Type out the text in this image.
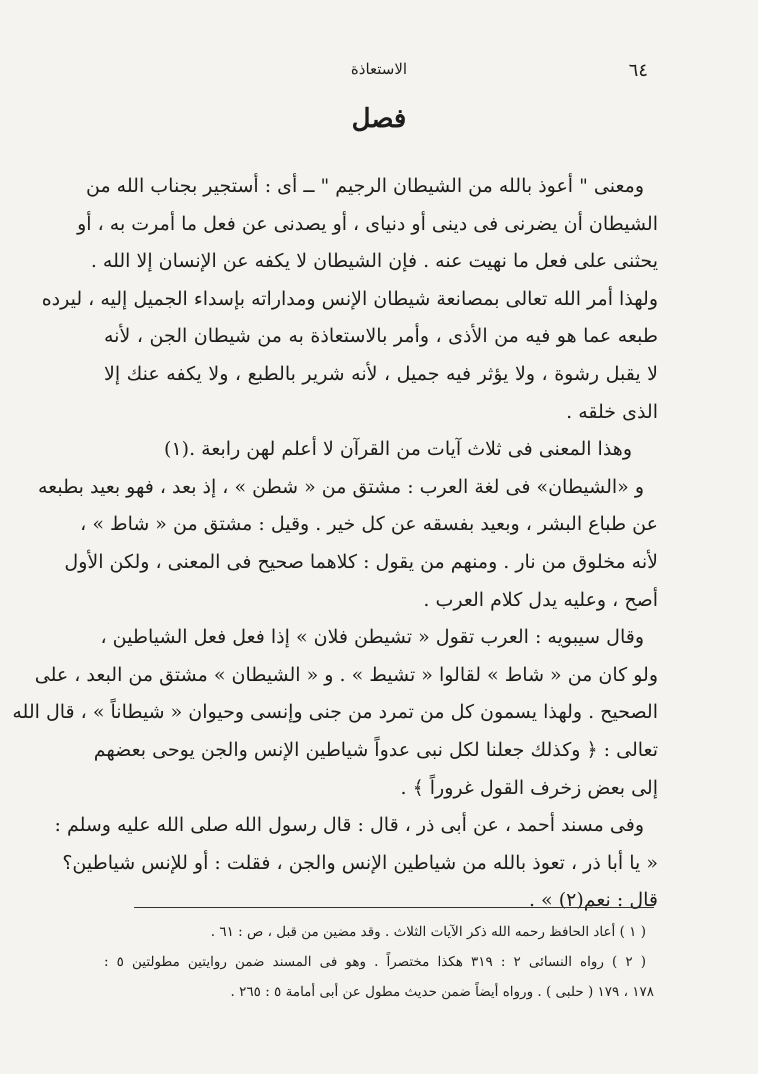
٦٤
الاستعاذة
فصل
ومعنى " أعوذ بالله من الشيطان الرجيم " ــ أى : أستجير بجناب الله من
الشيطان أن يضرنى فى دينى أو دنياى ، أو يصدنى عن فعل ما أمرت به ، أو
يحثنى على فعل ما نهيت عنه . فإن الشيطان لا يكفه عن الإنسان إلا الله .
ولهذا أمر الله تعالى بمصانعة شيطان الإنس ومداراته بإسداء الجميل إليه ، ليرده
طبعه عما هو فيه من الأذى ، وأمر بالاستعاذة به من شيطان الجن ، لأنه
لا يقبل رشوة ، ولا يؤثر فيه جميل ، لأنه شرير بالطبع ، ولا يكفه عنك إلا
الذى خلقه .
وهذا المعنى فى ثلاث آيات من القرآن لا أعلم لهن رابعة .(١)
و «الشيطان» فى لغة العرب : مشتق من « شطن » ، إذ بعد ، فهو بعيد بطبعه
عن طباع البشر ، وبعيد بفسقه عن كل خير . وقيل : مشتق من « شاط » ،
لأنه مخلوق من نار . ومنهم من يقول : كلاهما صحيح فى المعنى ، ولكن الأول
أصح ، وعليه يدل كلام العرب .
وقال سيبويه : العرب تقول « تشيطن فلان » إذا فعل فعل الشياطين ،
ولو كان من « شاط » لقالوا « تشيط » . و « الشيطان » مشتق من البعد ، على
الصحيح . ولهذا يسمون كل من تمرد من جنى وإنسى وحيوان « شيطاناً » ، قال الله
تعالى : ﴿ وكذلك جعلنا لكل نبى عدواً شياطين الإنس والجن يوحى بعضهم
إلى بعض زخرف القول غروراً ﴾ .
وفى مسند أحمد ، عن أبى ذر ، قال : قال رسول الله صلى الله عليه وسلم :
« يا أبا ذر ، تعوذ بالله من شياطين الإنس والجن ، فقلت : أو للإنس شياطين؟
قال : نعم(٢) » .
( ١ ) أعاد الحافظ رحمه الله ذكر الآيات الثلاث . وقد مضين من قبل ، ص : ٦١ .
( ٢ ) رواه النسائى ٢ : ٣١٩ هكذا مختصراً . وهو فى المسند ضمن روايتين مطولتين ٥ :
١٧٨ ، ١٧٩ ( حلبى ) . ورواه أيضاً ضمن حديث مطول عن أبى أمامة ٥ : ٢٦٥ .
